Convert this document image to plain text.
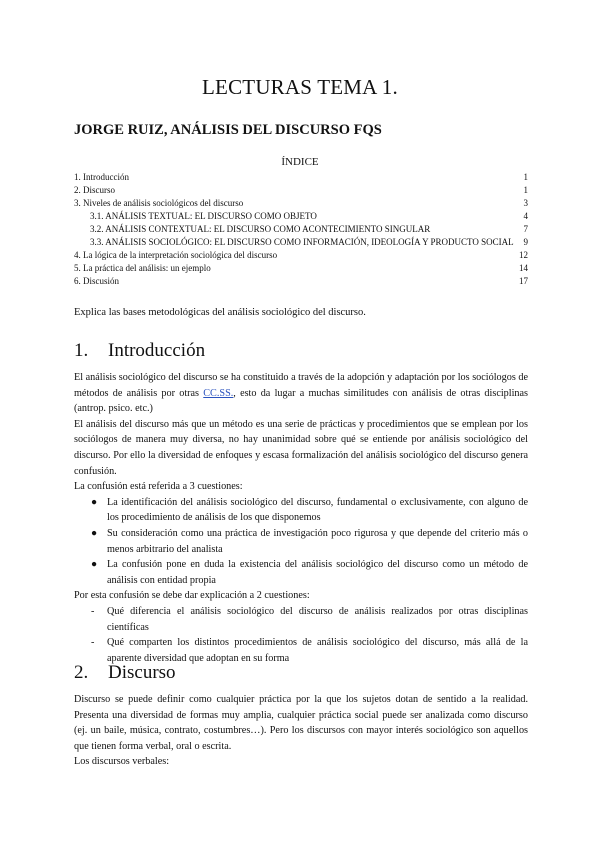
LECTURAS TEMA 1.
JORGE RUIZ, ANÁLISIS DEL DISCURSO FQS
ÍNDICE
1. Introducción	1
2. Discurso	1
3. Niveles de análisis sociológicos del discurso	3
3.1. ANÁLISIS TEXTUAL: EL DISCURSO COMO OBJETO	4
3.2. ANÁLISIS CONTEXTUAL: EL DISCURSO COMO ACONTECIMIENTO SINGULAR	7
3.3. ANÁLISIS SOCIOLÓGICO: EL DISCURSO COMO INFORMACIÓN, IDEOLOGÍA Y PRODUCTO SOCIAL 9
4. La lógica de la interpretación sociológica del discurso	12
5. La práctica del análisis: un ejemplo	14
6. Discusión	17
Explica las bases metodológicas del análisis sociológico del discurso.
1. Introducción

El análisis sociológico del discurso se ha constituido a través de la adopción y adaptación por los sociólogos de métodos de análisis por otras CC.SS., esto da lugar a muchas similitudes con análisis de otras disciplinas (antrop. psico. etc.)

El análisis del discurso más que un método es una serie de prácticas y procedimientos que se emplean por los sociólogos de manera muy diversa, no hay unanimidad sobre qué se entiende por análisis sociológico del discurso. Por ello la diversidad de enfoques y escasa formalización del análisis sociológico del discurso genera confusión.

La confusión está referida a 3 cuestiones:

● La identificación del análisis sociológico del discurso, fundamental o exclusivamente, con alguno de los procedimiento de análisis de los que disponemos
● Su consideración como una práctica de investigación poco rigurosa y que depende del criterio más o menos arbitrario del analista
● La confusión pone en duda la existencia del análisis sociológico del discurso como un método de análisis con entidad propia

Por esta confusión se debe dar explicación a 2 cuestiones:

- Qué diferencia el análisis sociológico del discurso de análisis realizados por otras disciplinas científicas
- Qué comparten los distintos procedimientos de análisis sociológico del discurso, más allá de la aparente diversidad que adoptan en su forma
2. Discurso

Discurso se puede definir como cualquier práctica por la que los sujetos dotan de sentido a la realidad. Presenta una diversidad de formas muy amplia, cualquier práctica social puede ser analizada como discurso (ej. un baile, música, contrato, costumbres…). Pero los discursos con mayor interés sociológico son aquellos que tienen forma verbal, oral o escrita.

Los discursos verbales:
